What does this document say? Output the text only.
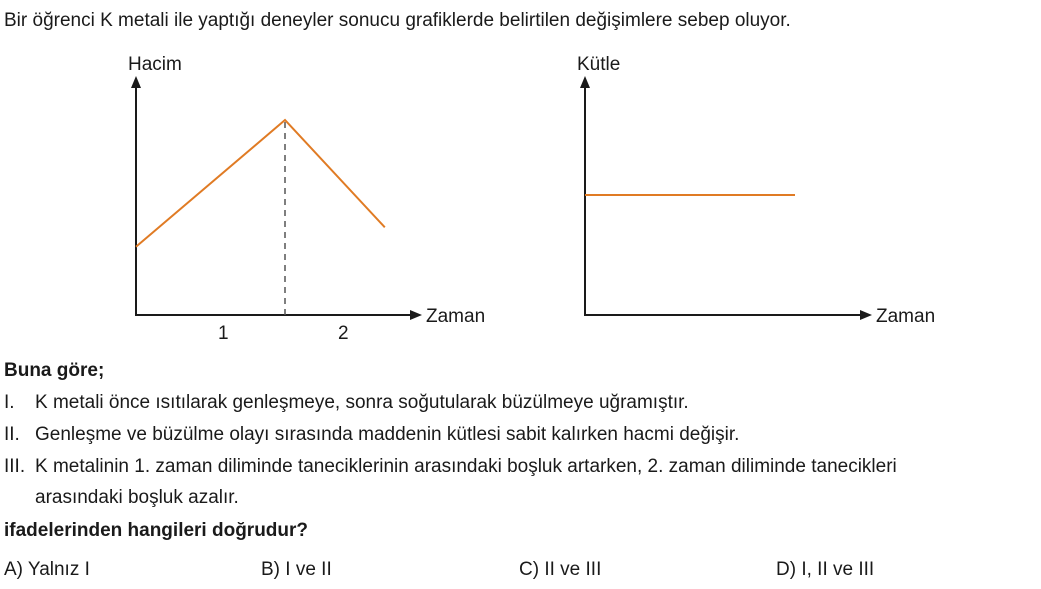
Bir öğrenci K metali ile yaptığı deneyler sonucu grafiklerde belirtilen değişimlere sebep oluyor.
Hacim
Zaman
1	2
Kütle
Zaman
Buna göre;
I. K metali önce ısıtılarak genleşmeye, sonra soğutularak büzülmeye uğramıştır.
II. Genleşme ve büzülme olayı sırasında maddenin kütlesi sabit kalırken hacmi değişir.
III. K metalinin 1. zaman diliminde taneciklerinin arasındaki boşluk artarken, 2. zaman diliminde tanecikleri
arasındaki boşluk azalır.
ifadelerinden hangileri doğrudur?
A) Yalnız I	B) I ve II	C) II ve III	D) I, II ve III
